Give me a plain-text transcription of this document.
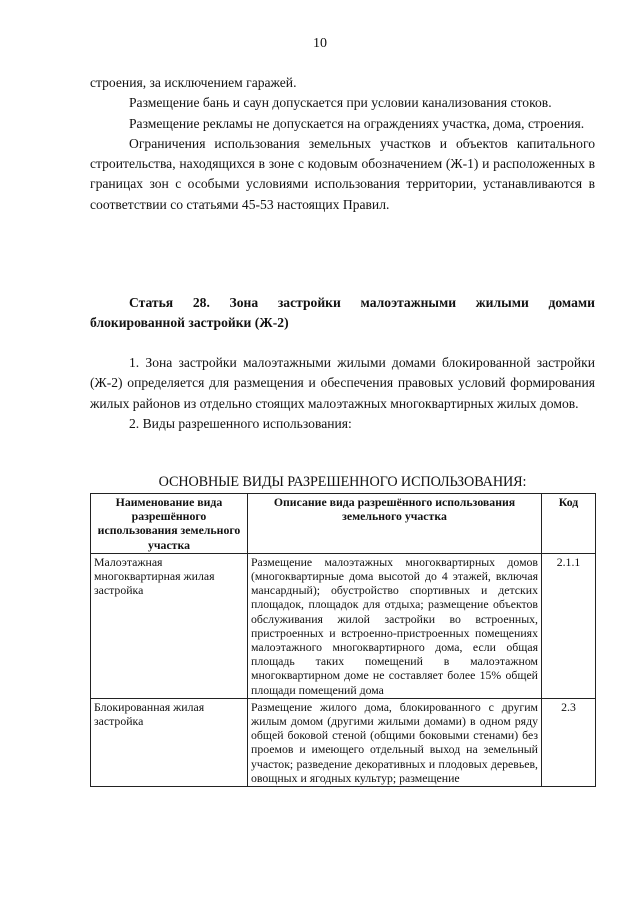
10

строения, за исключением гаражей.

Размещение бань и саун допускается при условии канализования стоков.

Размещение рекламы не допускается на ограждениях участка, дома, строения.

Ограничения использования земельных участков и объектов капитального строительства, находящихся в зоне с кодовым обозначением (Ж-1) и расположенных в границах зон с особыми условиями использования территории, устанавливаются в соответствии со статьями 45-53 настоящих Правил.

Статья 28. Зона застройки малоэтажными жилыми домами блокированной застройки (Ж-2)

1. Зона застройки малоэтажными жилыми домами блокированной застройки (Ж-2) определяется для размещения и обеспечения правовых условий формирования жилых районов из отдельно стоящих малоэтажных многоквартирных жилых домов.

2. Виды разрешенного использования:

ОСНОВНЫЕ ВИДЫ РАЗРЕШЕННОГО ИСПОЛЬЗОВАНИЯ:
Наименование вида разрешённого использования земельного участка	Описание вида разрешённого использования земельного участка	Код
Малоэтажная многоквартирная жилая застройка	Размещение малоэтажных многоквартирных домов (многоквартирные дома высотой до 4 этажей, включая мансардный); обустройство спортивных и детских площадок, площадок для отдыха; размещение объектов обслуживания жилой застройки во встроенных, пристроенных и встроенно-пристроенных помещениях малоэтажного многоквартирного дома, если общая площадь таких помещений в малоэтажном многоквартирном доме не составляет более 15% общей площади помещений дома	2.1.1
Блокированная жилая застройка	Размещение жилого дома, блокированного с другим жилым домом (другими жилыми домами) в одном ряду общей боковой стеной (общими боковыми стенами) без проемов и имеющего отдельный выход на земельный участок; разведение декоративных и плодовых деревьев, овощных и ягодных культур; размещение	2.3
